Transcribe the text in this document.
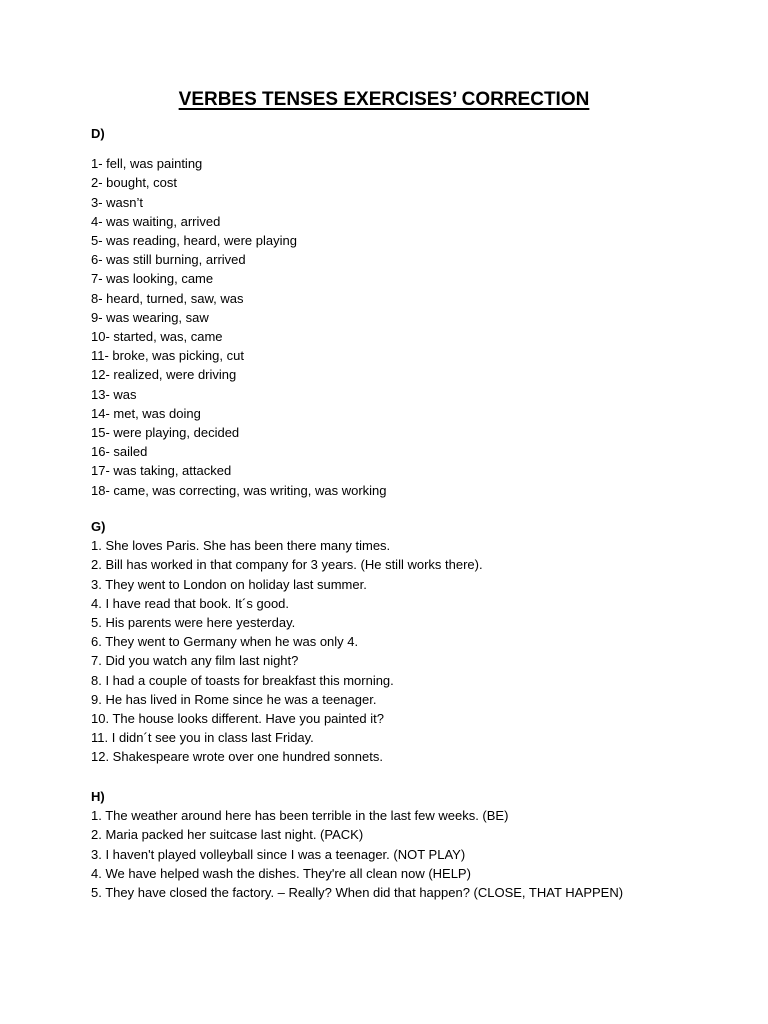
VERBES TENSES EXERCISES’ CORRECTION
D)
1- fell, was painting
2- bought, cost
3- wasn’t
4- was waiting, arrived
5- was reading, heard, were playing
6- was still burning, arrived
7- was looking, came
8- heard, turned, saw, was
9- was wearing, saw
10- started, was, came
11- broke, was picking, cut
12- realized, were driving
13- was
14- met, was doing
15- were playing, decided
16- sailed
17- was taking, attacked
18- came, was correcting, was writing, was working
G)
1. She loves Paris. She has been there many times.
2. Bill has worked in that company for 3 years. (He still works there).
3. They went to London on holiday last summer.
4. I have read that book. It´s good.
5. His parents were here yesterday.
6. They went to Germany when he was only 4.
7. Did you watch any film last night?
8. I had a couple of toasts for breakfast this morning.
9. He has lived in Rome since he was a teenager.
10. The house looks different. Have you painted it?
11. I didn´t see you in class last Friday.
12. Shakespeare wrote over one hundred sonnets.
H)
1. The weather around here has been terrible in the last few weeks. (BE)
2. Maria packed her suitcase last night. (PACK)
3. I haven't played volleyball since I was a teenager. (NOT PLAY)
4. We have helped wash the dishes. They're all clean now (HELP)
5. They have closed the factory. – Really? When did that happen? (CLOSE, THAT HAPPEN)
